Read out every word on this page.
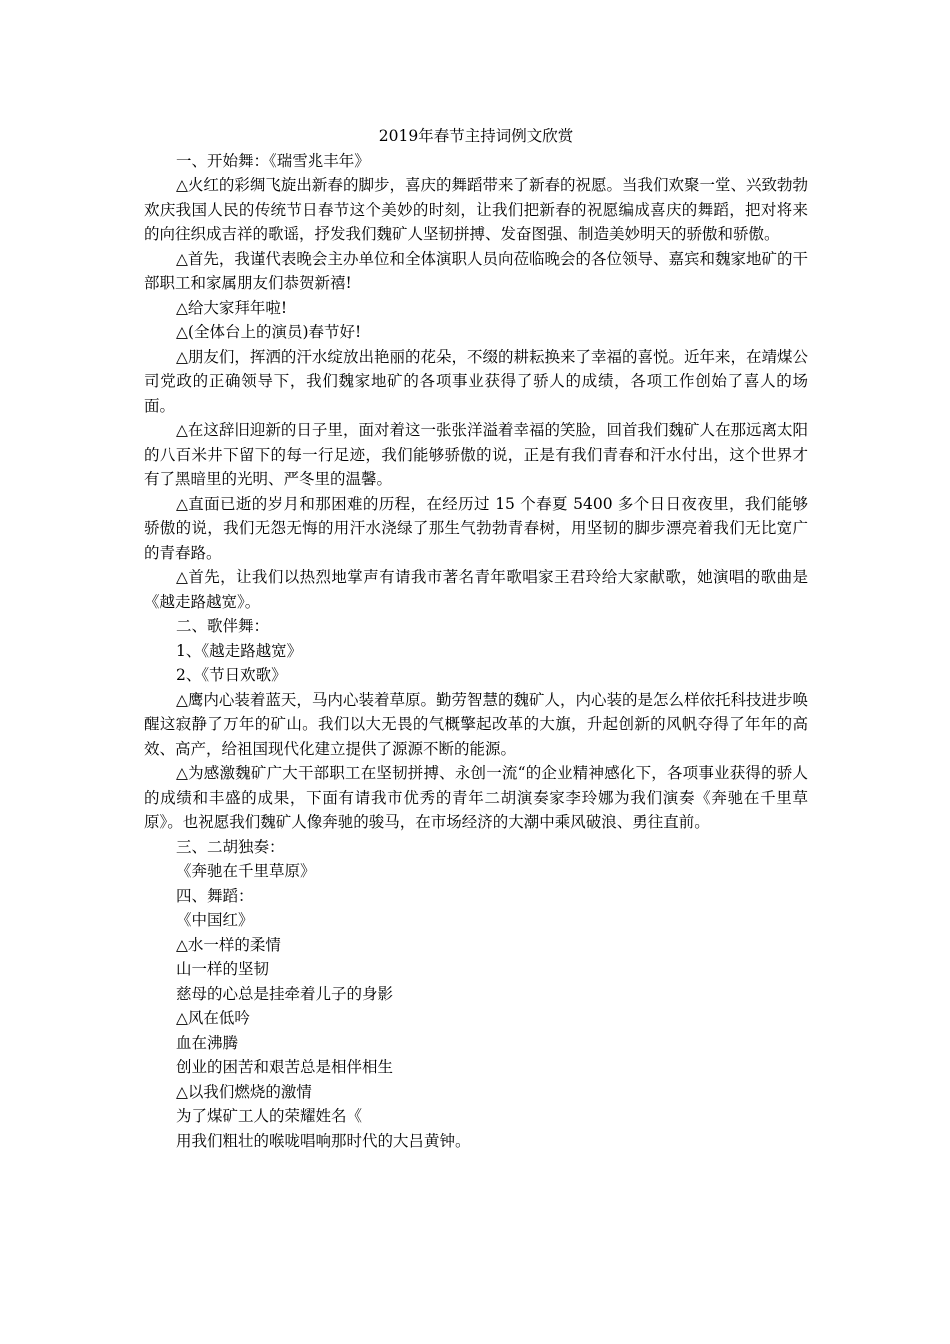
2019年春节主持词例文欣赏

一、开始舞：《瑞雪兆丰年》

△火红的彩绸飞旋出新春的脚步，喜庆的舞蹈带来了新春的祝愿。当我们欢聚一堂、兴致勃勃欢庆我国人民的传统节日春节这个美妙的时刻，让我们把新春的祝愿编成喜庆的舞蹈，把对将来的向往织成吉祥的歌谣，抒发我们魏矿人坚韧拼搏、发奋图强、制造美妙明天的骄傲和骄傲。

△首先，我谨代表晚会主办单位和全体演职人员向莅临晚会的各位领导、嘉宾和魏家地矿的干部职工和家属朋友们恭贺新禧!

△给大家拜年啦!

△(全体台上的演员)春节好!

△朋友们，挥洒的汗水绽放出艳丽的花朵，不缀的耕耘换来了幸福的喜悦。近年来，在靖煤公司党政的正确领导下，我们魏家地矿的各项事业获得了骄人的成绩，各项工作创始了喜人的场面。

△在这辞旧迎新的日子里，面对着这一张张洋溢着幸福的笑脸，回首我们魏矿人在那远离太阳的八百米井下留下的每一行足迹，我们能够骄傲的说，正是有我们青春和汗水付出，这个世界才有了黑暗里的光明、严冬里的温馨。

△直面已逝的岁月和那困难的历程，在经历过 15 个春夏 5400 多个日日夜夜里，我们能够骄傲的说，我们无怨无悔的用汗水浇绿了那生气勃勃青春树，用坚韧的脚步漂亮着我们无比宽广的青春路。

△首先，让我们以热烈地掌声有请我市著名青年歌唱家王君玲给大家献歌，她演唱的歌曲是《越走路越宽》。

二、歌伴舞：

1、《越走路越宽》

2、《节日欢歌》

△鹰内心装着蓝天，马内心装着草原。勤劳智慧的魏矿人，内心装的是怎么样依托科技进步唤醒这寂静了万年的矿山。我们以大无畏的气概擎起改革的大旗，升起创新的风帆夺得了年年的高效、高产，给祖国现代化建立提供了源源不断的能源。

△为感激魏矿广大干部职工在坚韧拼搏、永创一流“的企业精神感化下，各项事业获得的骄人的成绩和丰盛的成果，下面有请我市优秀的青年二胡演奏家李玲娜为我们演奏《奔驰在千里草原》。也祝愿我们魏矿人像奔驰的骏马，在市场经济的大潮中乘风破浪、勇往直前。

三、二胡独奏：

《奔驰在千里草原》

四、舞蹈：

《中国红》

△水一样的柔情

山一样的坚韧

慈母的心总是挂牵着儿子的身影

△风在低吟

血在沸腾

创业的困苦和艰苦总是相伴相生

△以我们燃烧的激情

为了煤矿工人的荣耀姓名《

用我们粗壮的喉咙唱响那时代的大吕黄钟。
